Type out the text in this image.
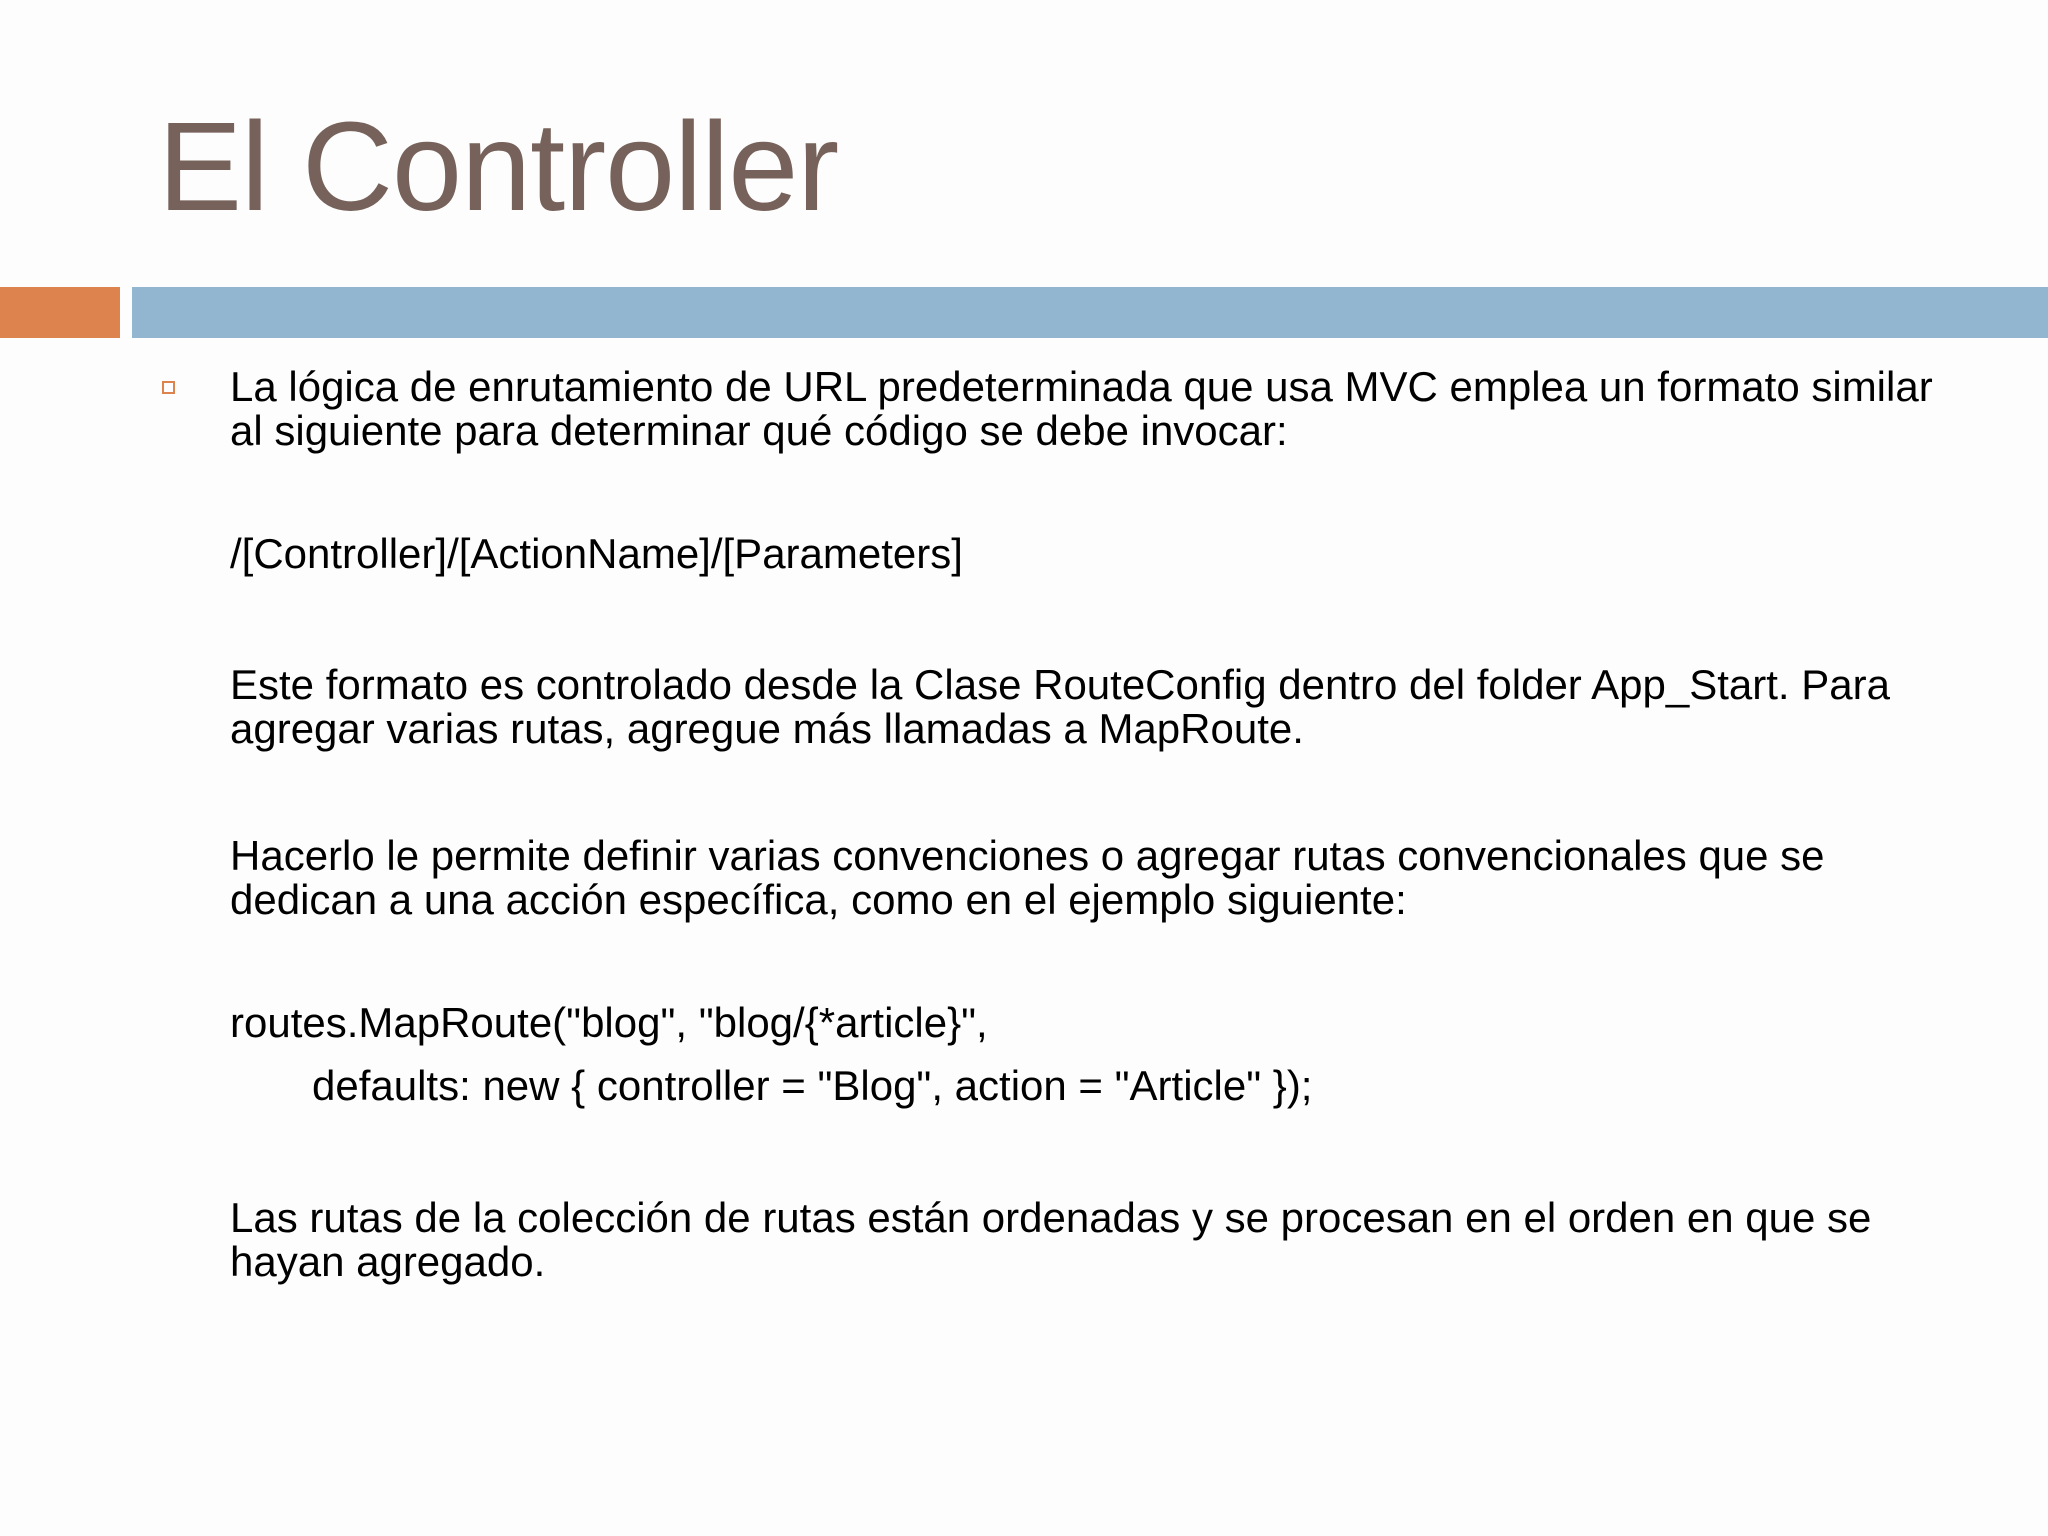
El Controller

La lógica de enrutamiento de URL predeterminada que usa MVC emplea un formato similar al siguiente para determinar qué código se debe invocar:

/[Controller]/[ActionName]/[Parameters]

Este formato es controlado desde la Clase RouteConfig dentro del folder App_Start. Para agregar varias rutas, agregue más llamadas a MapRoute.

Hacerlo le permite definir varias convenciones o agregar rutas convencionales que se dedican a una acción específica, como en el ejemplo siguiente:

routes.MapRoute("blog", "blog/{*article}",

defaults: new { controller = "Blog", action = "Article" });

Las rutas de la colección de rutas están ordenadas y se procesan en el orden en que se hayan agregado.
